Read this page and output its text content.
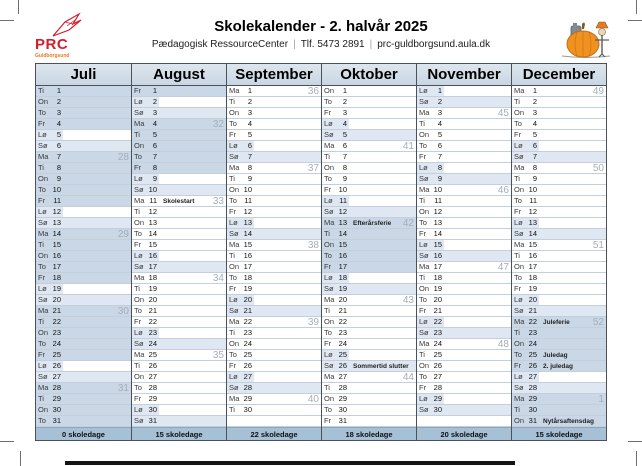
PRC
Guldborgsund
Skolekalender - 2. halvår 2025
Pædagogisk RessourceCenter | Tlf. 5473 2891 | prc-guldborgsund.aula.dk
Juli
Ti	1
On	2
To	3
Fr	4
Lø	5
Sø	6
Ma	7	28
Ti	8
On	9
To 10
Fr	11
Lø 12
Sø 13
Ma 14	29
Ti	15
On 16
To 17
Fr	18
Lø 19
Sø 20
Ma 21	30
Ti	22
On 23
To 24
Fr	25
Lø 26
Sø 27
Ma 28	31
Ti	29
On 30
To 31
0 skoledage
August
Fr	1
Lø	2
Sø	3
Ma	4	32
Ti	5
On	6
To	7
Fr	8
Lø	9
Sø 10
Ma 11 Skolestart 33
Ti	12
On 13
To 14
Fr	15
Lø 16
Sø 17
Ma 18	34
Ti	19
On 20
To 21
Fr	22
Lø 23
Sø 24
Ma 25	35
Ti	26
On 27
To 28
Fr	29
Lø 30
Sø 31
15 skoledage
September
Ma	1	36
Ti	2
On	3
To	4
Fr	5
Lø	6
Sø	7
Ma	8	37
Ti	9
On 10
To 11
Fr	12
Lø 13
Sø 14
Ma 15	38
Ti	16
On 17
To 18
Fr	19
Lø 20
Sø 21
Ma 22	39
Ti	23
On 24
To 25
Fr	26
Lø 27
Sø 28
Ma 29	40
Ti	30
22 skoledage
Oktober
On	1
To	2
Fr	3
Lø	4
Sø	5
Ma	6	41
Ti	7
On	8
To	9
Fr	10
Lø 11
Sø 12
Ma 13 Efterårsferie 42
Ti	14
On 15
To 16
Fr	17
Lø 18
Sø 19
Ma 20	43
Ti	21
On 22
To 23
Fr	24
Lø 25
Sø 26 Sommertid slutter
Ma 27	44
Ti	28
On 29
To 30
Fr	31
18 skoledage
November
Lø	1
Sø	2
Ma	3	45
Ti	4
On	5
To	6
Fr	7
Lø	8
Sø	9
Ma 10	46
Ti	11
On 12
To 13
Fr	14
Lø 15
Sø 16
Ma 17	47
Ti	18
On 19
To 20
Fr	21
Lø 22
Sø 23
Ma 24	48
Ti	25
On 26
To 27
Fr	28
Lø 29
Sø 30
20 skoledage
December
Ma	1	49
Ti	2
On	3
To	4
Fr	5
Lø	6
Sø	7
Ma	8	50
Ti	9
On 10
To 11
Fr	12
Lø 13
Sø 14
Ma 15	51
Ti	16
On 17
To 18
Fr	19
Lø 20
Sø 21
Ma 22 Juleferie 52
Ti	23
On 24
To 25 Juledag
Fr	26 2. juledag
Lø 27
Sø 28
Ma 29	1
Ti	30
On 31 Nytårsaftensdag
15 skoledage
